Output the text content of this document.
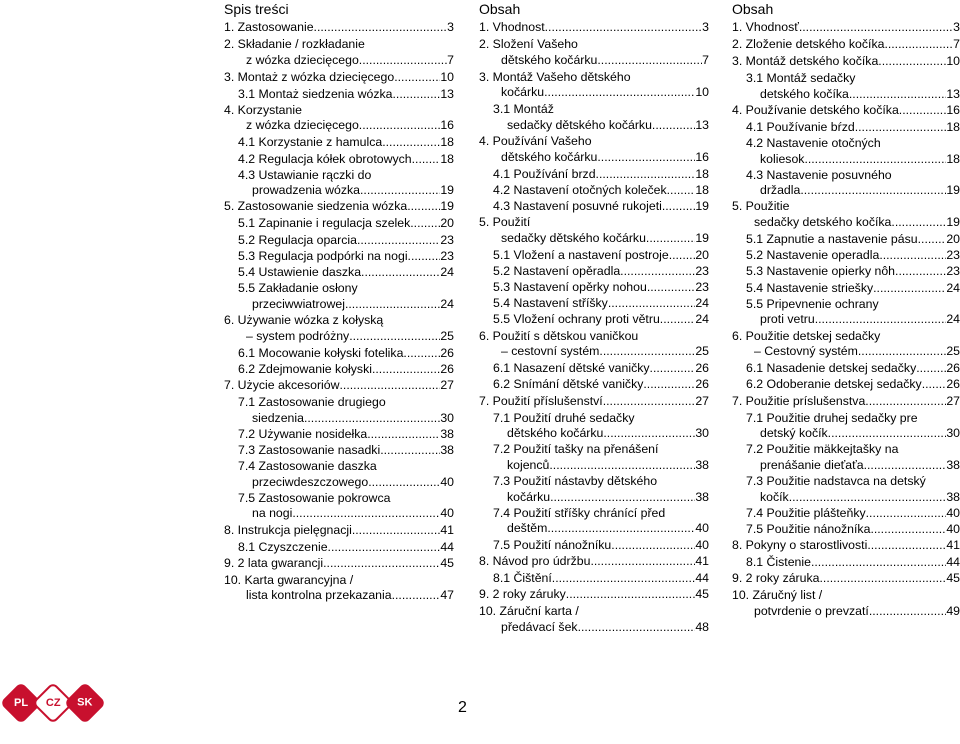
Spis treści
1. Zastosowanie .....	3
2. Składanie / rozkładanie
z wózka dziecięcego .....	7
3. Montaż z wózka dziecięcego .....	10
3.1 Montaż siedzenia wózka .....	13
4. Korzystanie
z wózka dziecięcego .....	16
4.1 Korzystanie z hamulca .....	18
4.2 Regulacja kółek obrotowych ..... 18
4.3 Ustawianie rączki do
prowadzenia wózka .....	19
5. Zastosowanie siedzenia wózka .....	19
5.1 Zapinanie i regulacja szelek ..... 20
5.2 Regulacja oparcia .....	23
5.3 Regulacja podpórki na nogi .....	23
5.4 Ustawienie daszka .....	24
5.5 Zakładanie osłony
przeciwwiatrowej .....	24
6. Używanie wózka z kołyską
– system podróżny .....	25
6.1 Mocowanie kołyski fotelika .....	26
6.2 Zdejmowanie kołyski .....	26
7. Użycie akcesoriów .....	27
7.1 Zastosowanie drugiego
siedzenia .....	30
7.2 Używanie nosidełka .....	38
7.3 Zastosowanie nasadki .....	38
7.4 Zastosowanie daszka
przeciwdeszczowego .....	40
7.5 Zastosowanie pokrowca
na nogi .....	40
8. Instrukcja pielęgnacji .....	41
8.1 Czyszczenie .....	44
9. 2 lata gwarancji .....	45
10. Karta gwarancyjna /
lista kontrolna przekazania .....	47
Obsah
1. Vhodnost .....	3
2. Složení Vašeho
dětského kočárku .....	7
3. Montáž Vašeho dětského
kočárku .....	10
3.1 Montáž
sedačky dětského kočárku .....	13
4. Používání Vašeho
dětského kočárku .....	16
4.1 Používání brzd .....	18
4.2 Nastavení otočných koleček ..... 18
4.3 Nastavení posuvné rukojeti .....	19
5. Použití
sedačky dětského kočárku .....	19
5.1 Vložení a nastavení postroje ..... 20
5.2 Nastavení opěradla .....	23
5.3 Nastavení opěrky nohou .....	23
5.4 Nastavení stříšky .....	24
5.5 Vložení ochrany proti větru .....	24
6. Použití s dětskou vaničkou
– cestovní systém .....	25
6.1 Nasazení dětské vaničky .....	26
6.2 Snímání dětské vaničky .....	26
7. Použití příslušenství .....	27
7.1 Použití druhé sedačky
dětského kočárku .....	30
7.2 Použití tašky na přenášení
kojenců .....	38
7.3 Použití nástavby dětského
kočárku .....	38
7.4 Použití stříšky chránící před
deštěm .....	40
7.5 Použití nánožníku .....	40
8. Návod pro údržbu .....	41
8.1 Čištění .....	44
9. 2 roky záruky .....	45
10. Záruční karta /
předávací šek .....	48
Obsah
1. Vhodnosť .....	3
2. Zloženie detského kočíka .....	7
3. Montáž detského kočíka .....	10
3.1 Montáž sedačky
detského kočíka .....	13
4. Používanie detského kočíka .....	16
4.1 Používanie bŕzd .....	18
4.2 Nastavenie otočných
koliesok .....	18
4.3 Nastavenie posuvného
držadla .....	19
5. Použitie
sedačky detského kočíka .....	19
5.1 Zapnutie a nastavenie pásu ..... 20
5.2 Nastavenie operadla .....	23
5.3 Nastavenie opierky nôh .....	23
5.4 Nastavenie striešky .....	24
5.5 Pripevnenie ochrany
proti vetru .....	24
6. Použitie detskej sedačky
– Cestovný systém .....	25
6.1 Nasadenie detskej sedačky ..... 26
6.2 Odoberanie detskej sedačky ..... 26
7. Použitie príslušenstva .....	27
7.1 Použitie druhej sedačky pre
detský kočík .....	30
7.2 Použitie mäkkejtašky na
prenášanie dieťaťa .....	38
7.3 Použitie nadstavca na detský
kočík .....	38
7.4 Použitie plášteňky .....	40
7.5 Použitie nánožníka .....	40
8. Pokyny o starostlivosti .....	41
8.1 Čistenie .....	44
9. 2 roky záruka .....	45
10. Záručný list /
potvrdenie o prevzatí .....	49
PL CZ SK	2
